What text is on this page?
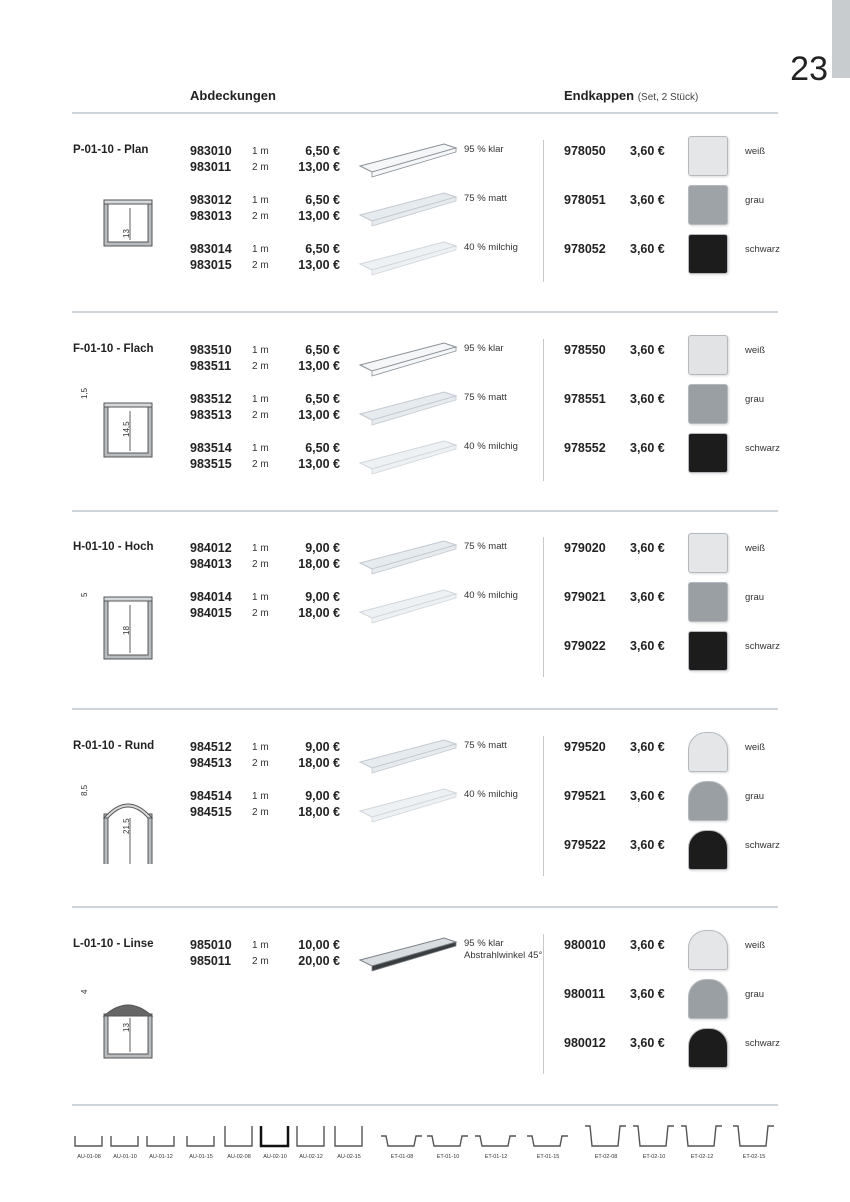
23
Abdeckungen	Endkappen (Set, 2 Stück)
P-01-10 - Plan
13
983010 1 m	6,50 €
983011 2 m	13,00 €
95 % klar
983012 1 m	6,50 €
983013 2 m	13,00 €
75 % matt
983014 1 m	6,50 €
983015 2 m	13,00 €
40 % milchig
978050 3,60 €	weiß
978051 3,60 €	grau
978052 3,60 €	schwarz
F-01-10 - Flach
1,5
14,5
983510 1 m	6,50 €
983511 2 m	13,00 €
95 % klar
983512 1 m	6,50 €
983513 2 m	13,00 €
75 % matt
983514 1 m	6,50 €
983515 2 m	13,00 €
40 % milchig
978550 3,60 €	weiß
978551 3,60 €	grau
978552 3,60 €	schwarz
H-01-10 - Hoch
5
18
984012 1 m	9,00 €
984013 2 m	18,00 €
75 % matt
984014 1 m	9,00 €
984015 2 m	18,00 €
40 % milchig
979020 3,60 €	weiß
979021 3,60 €	grau
979022 3,60 €	schwarz
R-01-10 - Rund
8,5
21,5
984512 1 m	9,00 €
984513 2 m	18,00 €
75 % matt
984514 1 m	9,00 €
984515 2 m	18,00 €
40 % milchig
979520 3,60 €	weiß
979521 3,60 €	grau
979522 3,60 €	schwarz
L-01-10 - Linse
4
13
985010 1 m	10,00 €
985011 2 m	20,00 €
95 % klar
Abstrahlwinkel 45°
980010 3,60 €	weiß
980011 3,60 €	grau
980012 3,60 €	schwarz
AU-01-08	AU-01-10	AU-01-12	AU-01-15	AU-02-08	AU-02-10	AU-02-12	AU-02-15	ET-01-08	ET-01-10	ET-01-12	ET-01-15	ET-02-08	ET-02-10	ET-02-12	ET-02-15
